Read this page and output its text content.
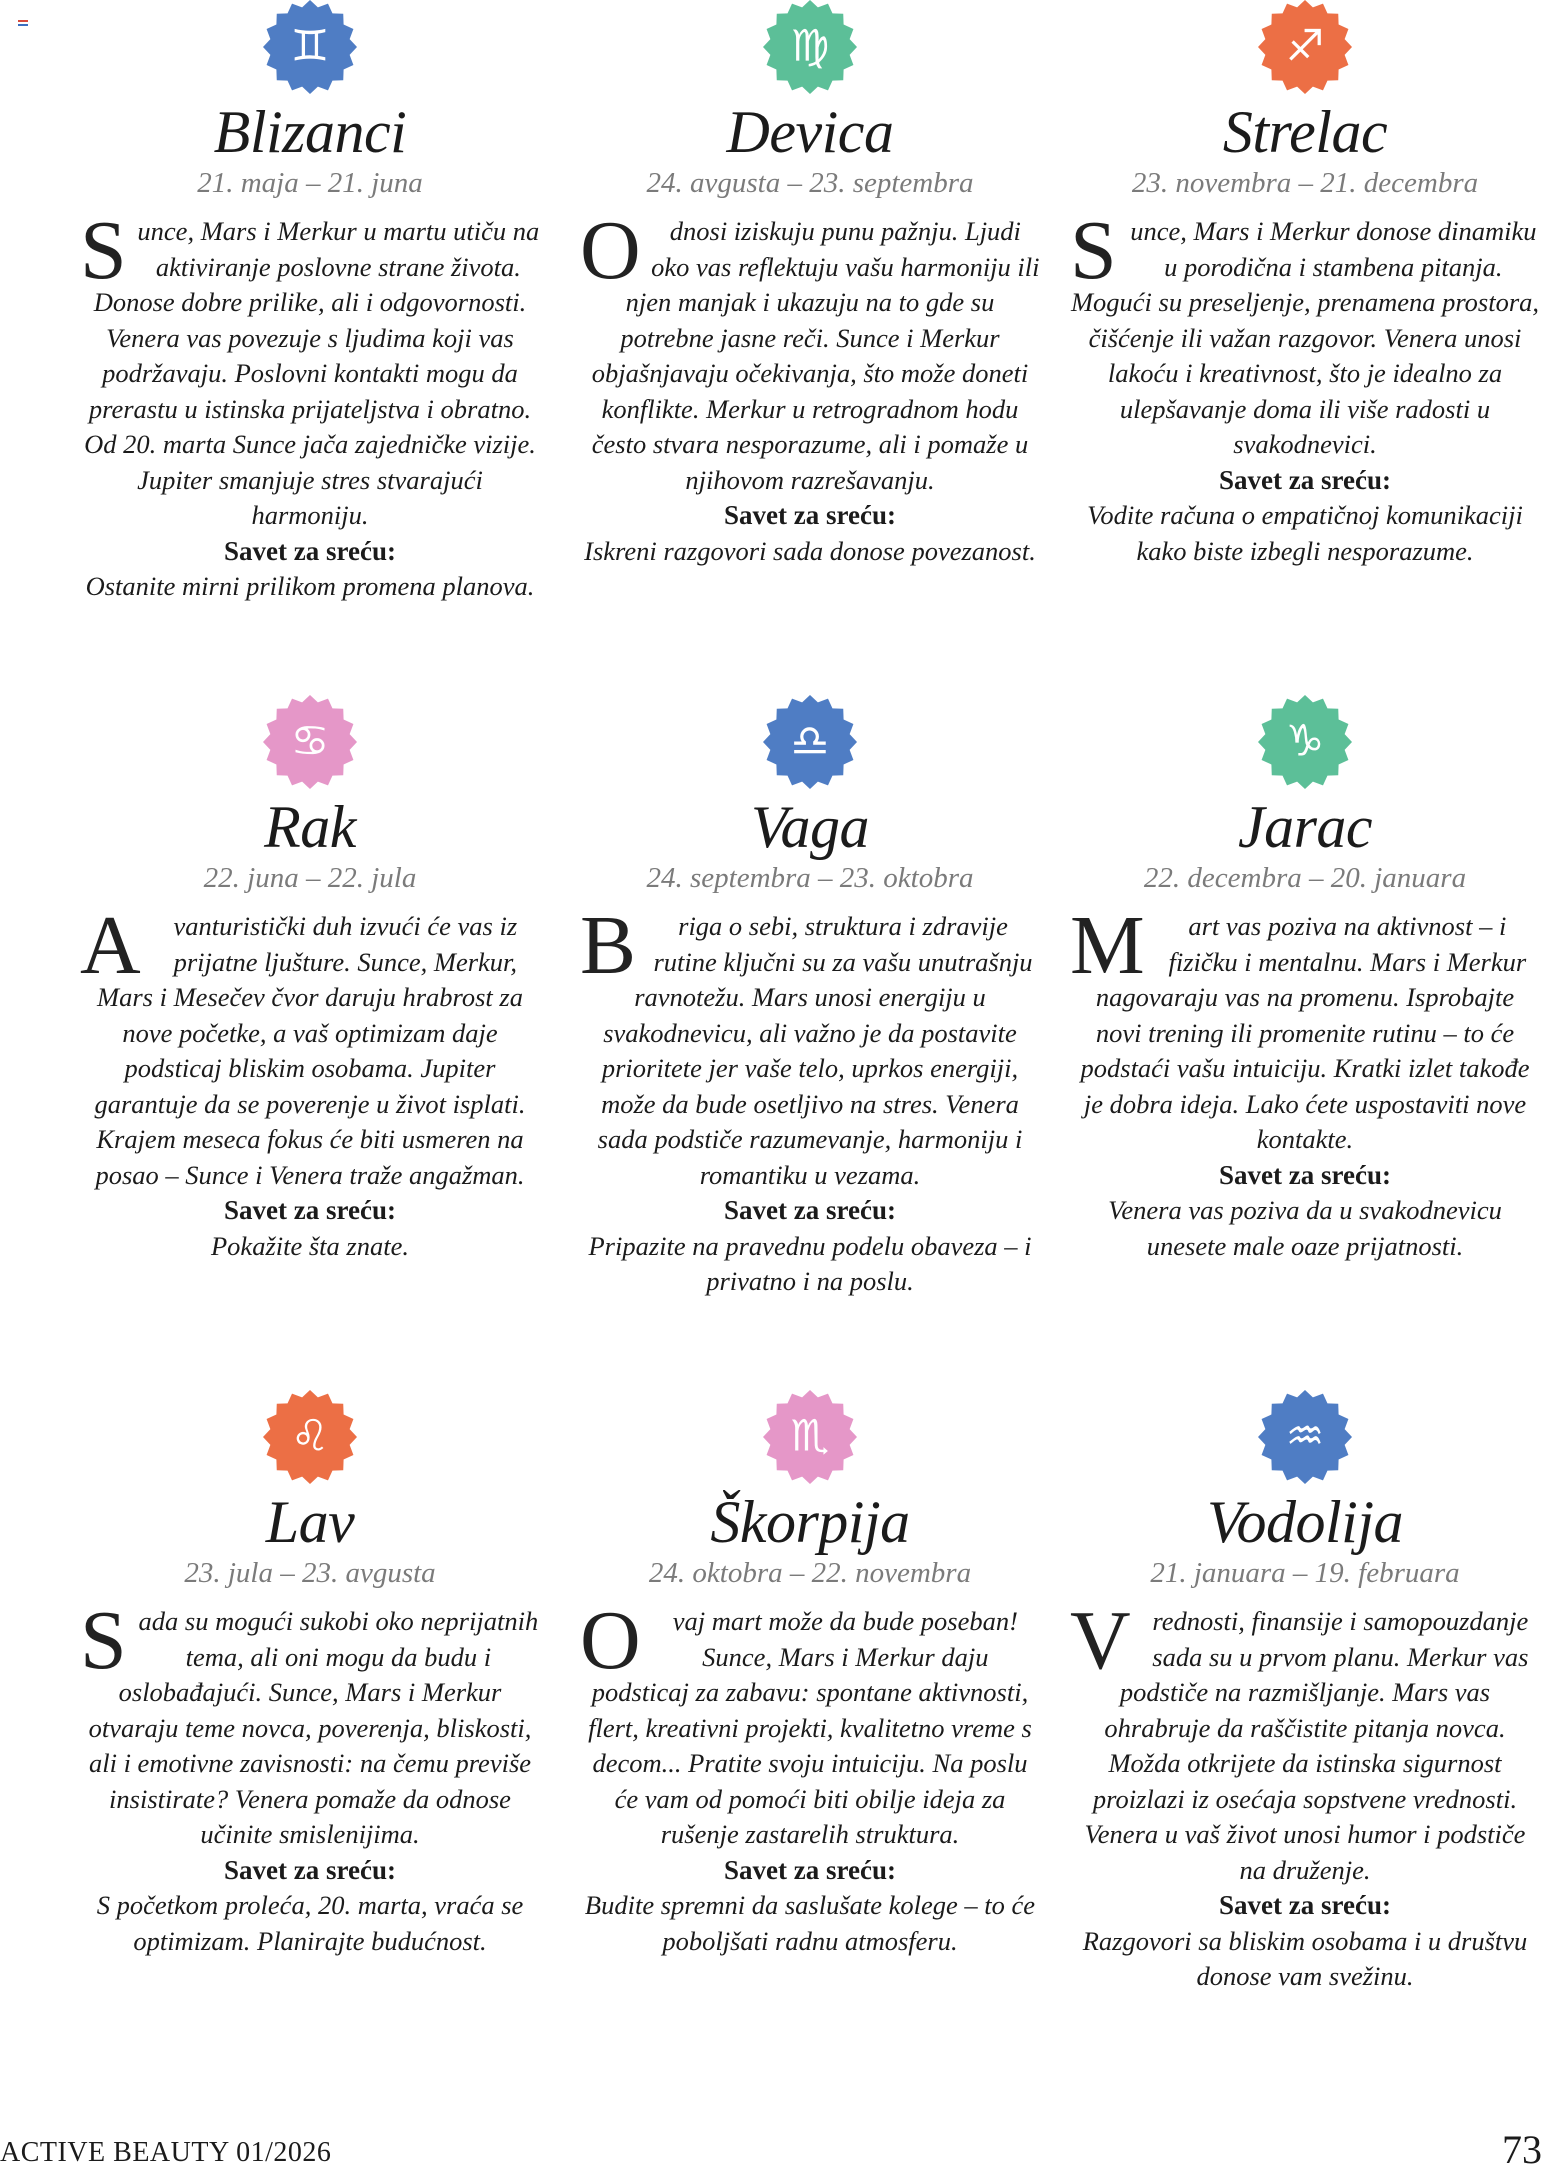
♊
Blizanci
21. maja – 21. juna
Sunce, Mars i Merkur u martu utiču na aktiviranje poslovne strane života. Donose dobre prilike, ali i odgovornosti. Venera vas povezuje s ljudima koji vas podržavaju. Poslovni kontakti mogu da prerastu u istinska prijateljstva i obratno. Od 20. marta Sunce jača zajedničke vizije. Jupiter smanjuje stres stvarajući harmoniju.
Savet za sreću:
Ostanite mirni prilikom promena planova.
♍
Devica
24. avgusta – 23. septembra
O dnosi iziskuju punu pažnju. Ljudi oko vas reflektuju vašu harmoniju ili njen manjak i ukazuju na to gde su potrebne jasne reči. Sunce i Merkur objašnjavaju očekivanja, što može doneti konflikte. Merkur u retrogradnom hodu često stvara nesporazume, ali i pomaže u njihovom razrešavanju.
Savet za sreću:
Iskreni razgovori sada donose povezanost.
♐
Strelac
23. novembra – 21. decembra
Sunce, Mars i Merkur donose dinamiku u porodična i stambena pitanja. Mogući su preseljenje, prenamena prostora, čišćenje ili važan razgovor. Venera unosi lakoću i kreativnost, što je idealno za ulepšavanje doma ili više radosti u svakodnevici.
Savet za sreću:
Vodite računa o empatičnoj komunikaciji kako biste izbegli nesporazume.
♋
Rak
22. juna – 22. jula
A vanturistički duh izvući će vas iz prijatne ljušture. Sunce, Merkur, Mars i Mesečev čvor daruju hrabrost za nove početke, a vaš optimizam daje podsticaj bliskim osobama. Jupiter garantuje da se poverenje u život isplati. Krajem meseca fokus će biti usmeren na posao – Sunce i Venera traže angažman.
Savet za sreću:
Pokažite šta znate.
♎
Vaga
24. septembra – 23. oktobra
B riga o sebi, struktura i zdravije rutine ključni su za vašu unutrašnju ravnotežu. Mars unosi energiju u svakodnevicu, ali važno je da postavite prioritete jer vaše telo, uprkos energiji, može da bude osetljivo na stres. Venera sada podstiče razumevanje, harmoniju i romantiku u vezama.
Savet za sreću:
Pripazite na pravednu podelu obaveza – i privatno i na poslu.
♑
Jarac
22. decembra – 20. januara
M art vas poziva na aktivnost – i fizičku i mentalnu. Mars i Merkur nagovaraju vas na promenu. Isprobajte novi trening ili promenite rutinu – to će podstaći vašu intuiciju. Kratki izlet takođe je dobra ideja. Lako ćete uspostaviti nove kontakte.
Savet za sreću:
Venera vas poziva da u svakodnevicu unesete male oaze prijatnosti.
♌
Lav
23. jula – 23. avgusta
Sada su mogući sukobi oko neprijatnih tema, ali oni mogu da budu i oslobađajući. Sunce, Mars i Merkur otvaraju teme novca, poverenja, bliskosti, ali i emotivne zavisnosti: na čemu previše insistirate? Venera pomaže da odnose učinite smislenijima.
Savet za sreću:
S početkom proleća, 20. marta, vraća se optimizam. Planirajte budućnost.
♏
Škorpija
24. oktobra – 22. novembra
O vaj mart može da bude poseban! Sunce, Mars i Merkur daju podsticaj za zabavu: spontane aktivnosti, flert, kreativni projekti, kvalitetno vreme s decom... Pratite svoju intuiciju. Na poslu će vam od pomoći biti obilje ideja za rušenje zastarelih struktura.
Savet za sreću:
Budite spremni da saslušate kolege – to će poboljšati radnu atmosferu.
♒
Vodolija
21. januara – 19. februara
Vrednosti, finansije i samopouzdanje sada su u prvom planu. Merkur vas podstiče na razmišljanje. Mars vas ohrabruje da raščistite pitanja novca. Možda otkrijete da istinska sigurnost proizlazi iz osećaja sopstvene vrednosti. Venera u vaš život unosi humor i podstiče na druženje.
Savet za sreću:
Razgovori sa bliskim osobama i u društvu donose vam svežinu.
ACTIVE BEAUTY 01/2026	73
